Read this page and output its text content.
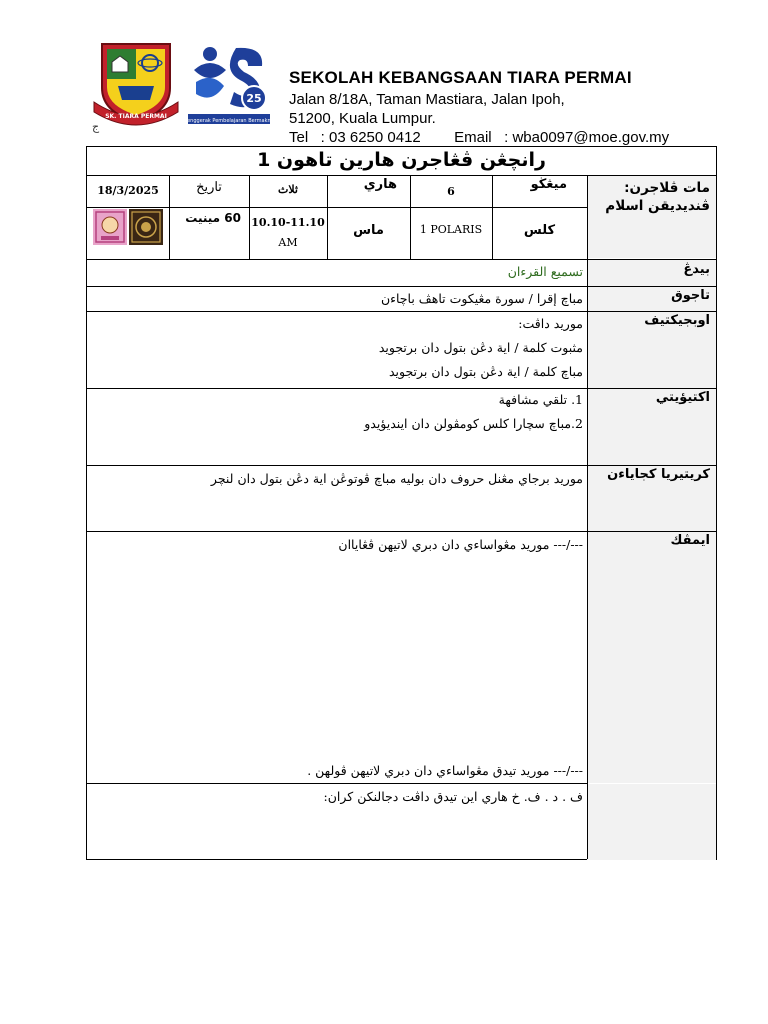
SK. TIARA PERMAI
25
Penggerak Pembelajaran Bermakna
ج
SEKOLAH KEBANGSAAN TIARA PERMAI
Jalan 8/18A, Taman Mastiara, Jalan Ipoh,
51200, Kuala Lumpur.
Tel   : 03 6250 0412        Email   : wba0097@moe.gov.my
رانچڠن ڤڠاجرن هارين تاهون 1
مات ڤلاجرن:
ڤنديديقن اسلام
ميڠڬو
6
هاري
ثلاث
تاريخ
18/3/2025
كلس
1 POLARIS
ماس
10.10-11.10
AM
60 مينيت
بيدڠ
تسميع القرءان
تاجوق
مباچ إقرا / سورة مڠيكوت تاهڤ باچاءن
اوبجيكتيف
موريد داڤت:
مثبوت كلمة / اية دڠن بتول دان برتجويد
مباچ كلمة / اية دڠن بتول دان برتجويد
اكتيؤيتي
1. تلقي مشافهة
2.مباچ سچارا كلس كومڤولن دان اينديؤيدو
كريتيريا كجاياءن
موريد برجاي مڠنل حروف دان بوليه مباچ ڤوتوڠن اية دڠن بتول دان لنچر
ايمڤك
---/--- موريد مڠواساءي دان دبري لاتيهن ڤڠاياان
---/--- موريد تيدق مڠواساءي دان دبري لاتيهن ڤولهن .
ف . د . ف. خ هاري اين تيدق داڤت دجالنكن كران:
